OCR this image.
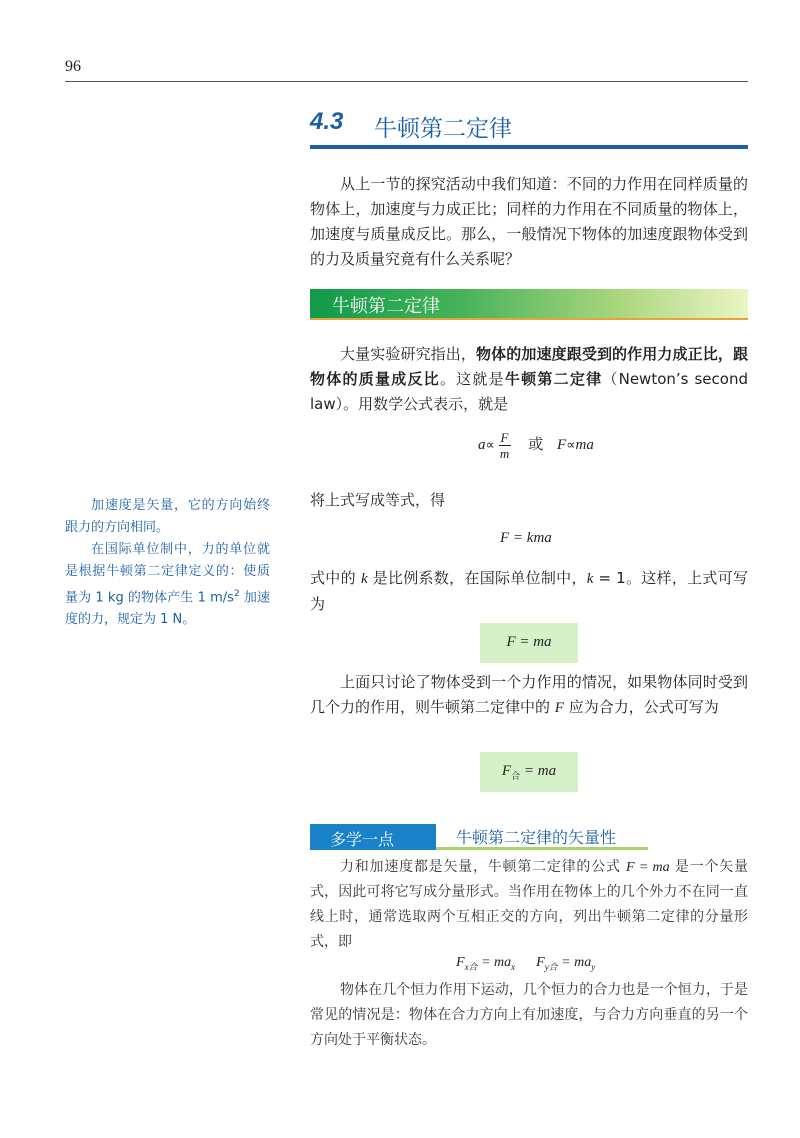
96
4.3 牛顿第二定律
从上一节的探究活动中我们知道：不同的力作用在同样质量的物体上，加速度与力成正比；同样的力作用在不同质量的物体上，加速度与质量成反比。那么，一般情况下物体的加速度跟物体受到的力及质量究竟有什么关系呢？
牛顿第二定律
大量实验研究指出，物体的加速度跟受到的作用力成正比，跟物体的质量成反比。这就是牛顿第二定律（Newton’s second law）。用数学公式表示，就是
$a\propto \frac{F}{m}$ 或 F∝ma
将上式写成等式，得
F = kma
式中的 k 是比例系数，在国际单位制中，k = 1。这样，上式可写为
F = ma
上面只讨论了物体受到一个力作用的情况，如果物体同时受到几个力的作用，则牛顿第二定律中的 F 应为合力，公式可写为
$F_合$ = ma

加速度是矢量，它的方向始终跟力的方向相同。

在国际单位制中，力的单位就是根据牛顿第二定律定义的：使质量为 1 kg 的物体产生 1 $m/s^2$ 加速度的力，规定为 1 N。

多学一点	牛顿第二定律的矢量性
力和加速度都是矢量，牛顿第二定律的公式 F = ma 是一个矢量式，因此可将它写成分量形式。当作用在物体上的几个外力不在同一直线上时，通常选取两个互相正交的方向，列出牛顿第二定律的分量形式，即
$F_{x合} = ma_x$ $F_{y合} = ma_y$
物体在几个恒力作用下运动，几个恒力的合力也是一个恒力，于是常见的情况是：物体在合力方向上有加速度，与合力方向垂直的另一个方向处于平衡状态。
